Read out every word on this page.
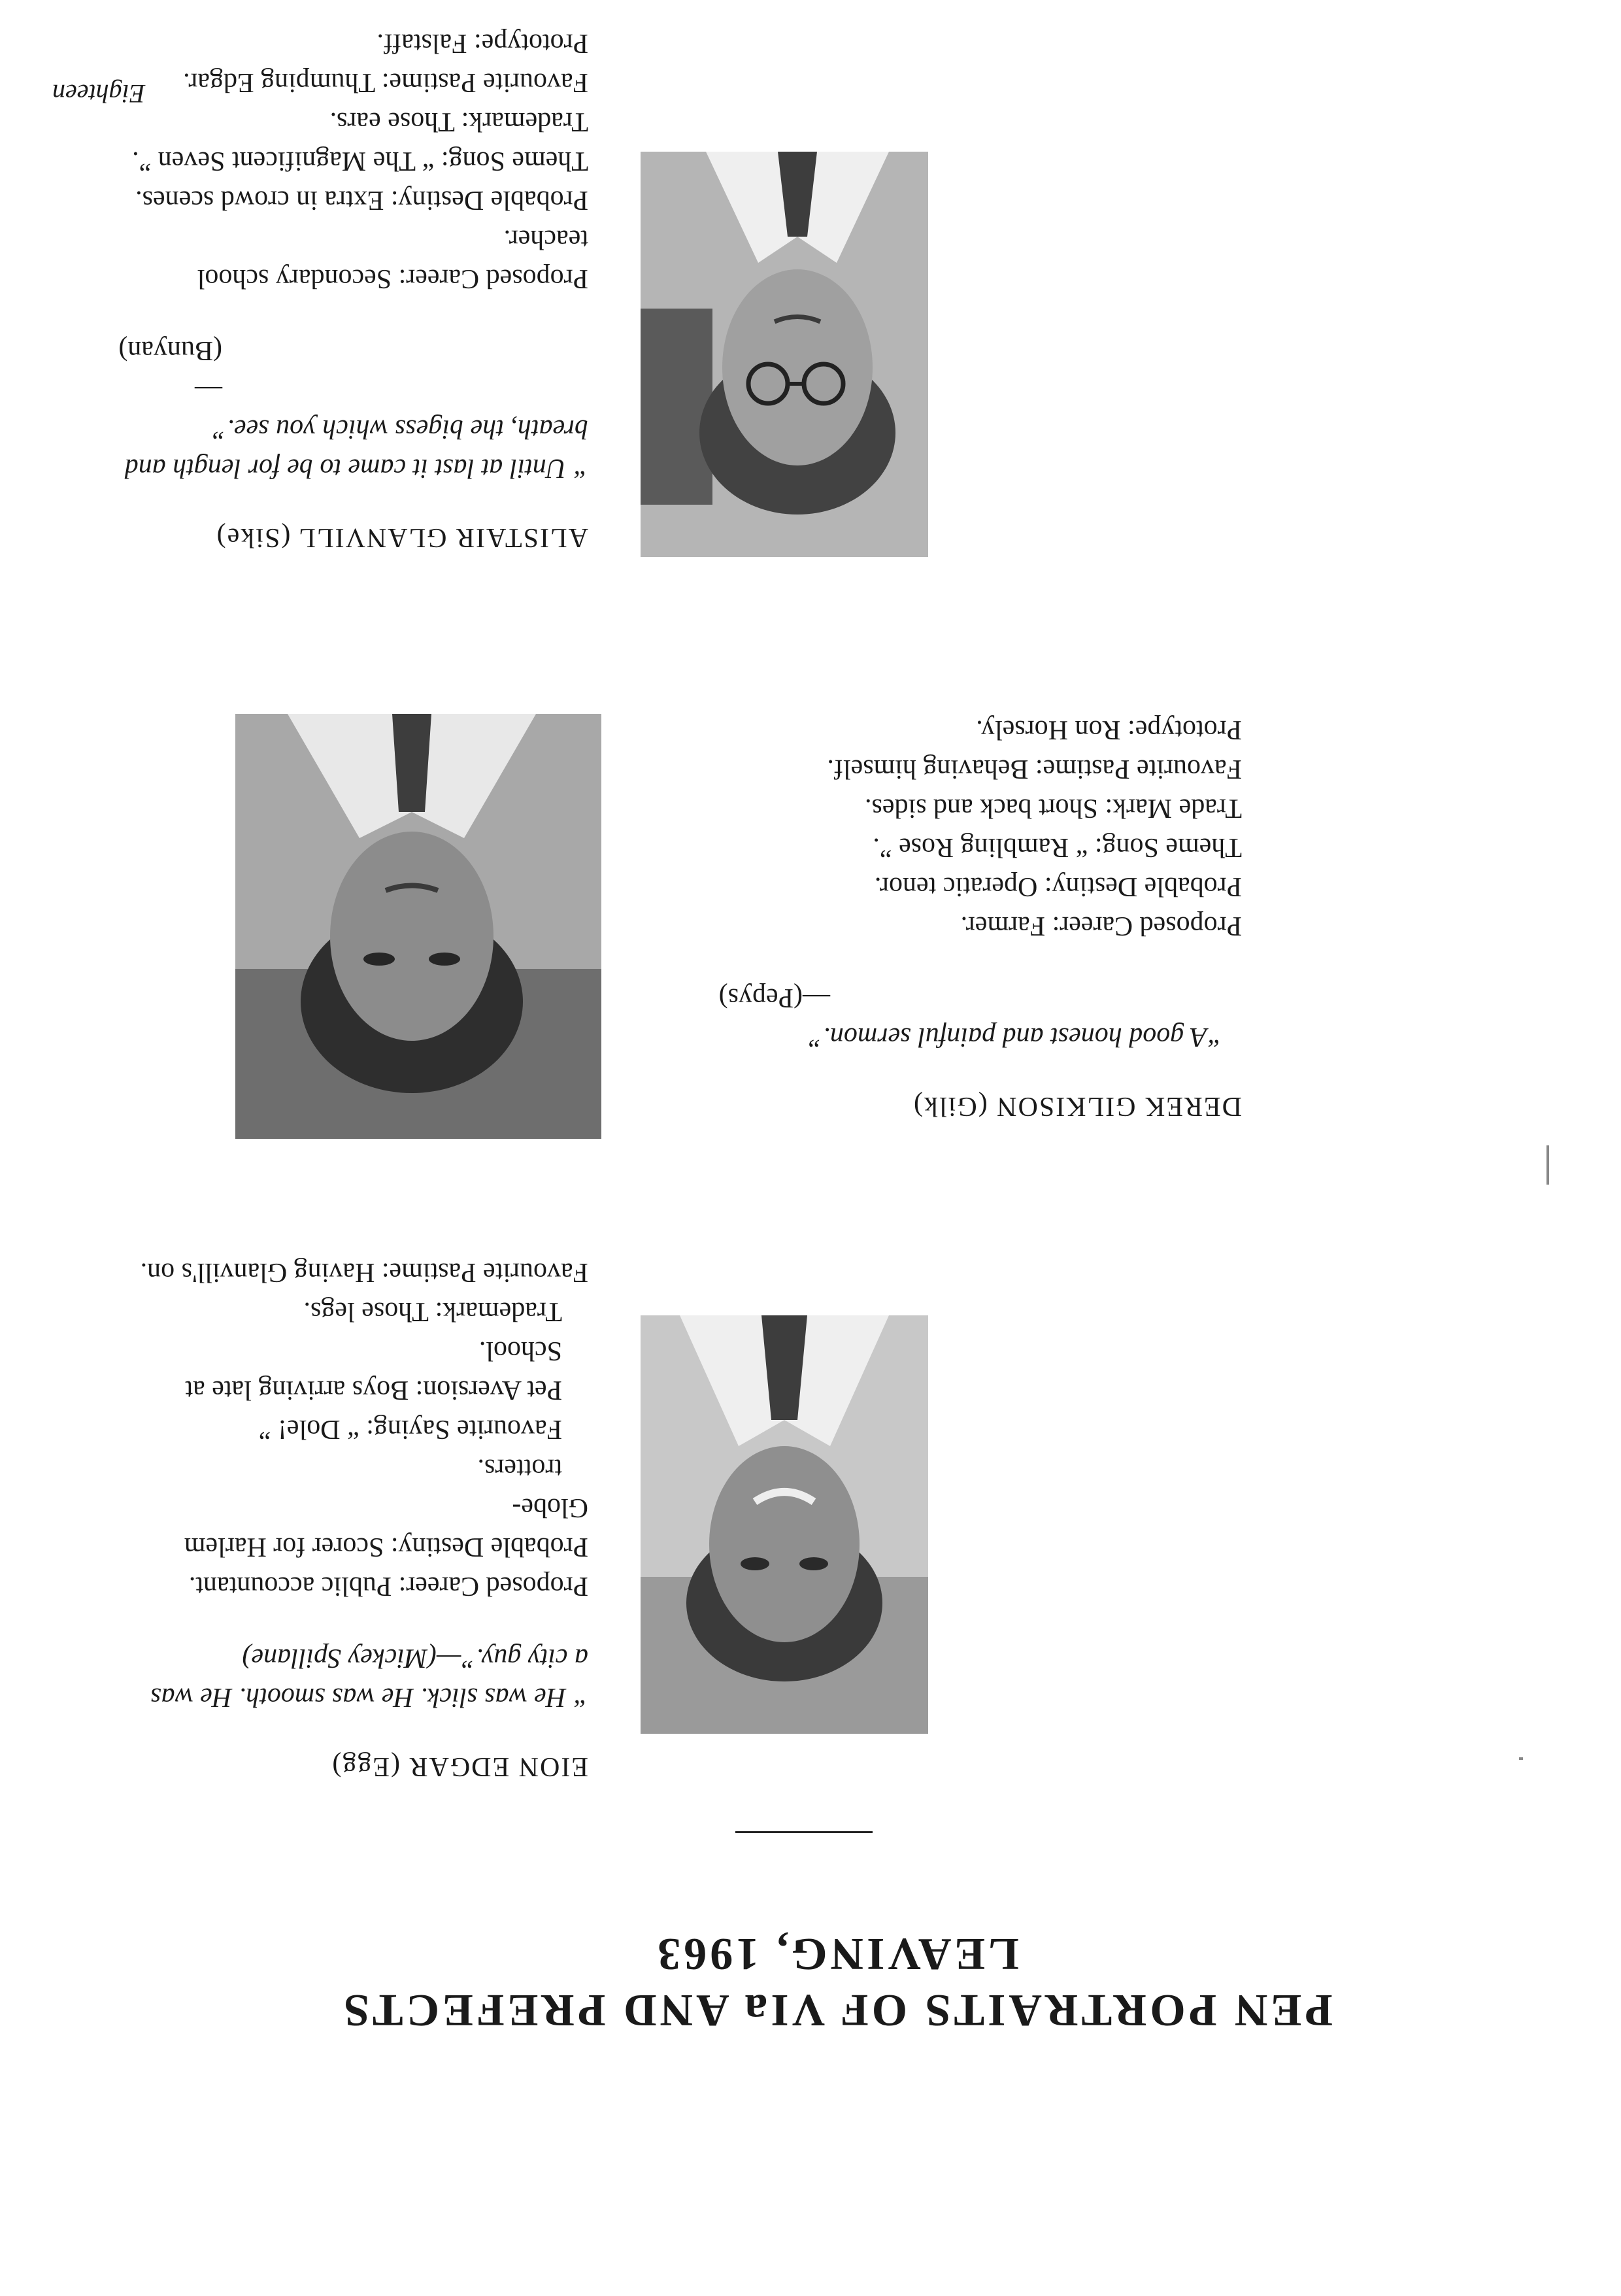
PEN PORTRAITS OF VIa AND PREFECTS
LEAVING, 1963
EION EDGAR (Egg)
“ He was slick. He was smooth. He was a city guy.”—(Mickey Spillane)
Proposed Career: Public accountant.
Probable Destiny: Scorer for Harlem Globe-
trotters.
Favourite Saying: “ Dole! ”
Pet Aversion: Boys arriving late at School.
Trademark: Those legs.
Favourite Pastime: Having Glanvill's on.
DEREK GILKISON (Gilk)
“A good honest and painful sermon.”
—(Pepys)
Proposed Career: Farmer.
Probable Destiny: Operatic tenor.
Theme Song: “ Rambling Rose ”.
Trade Mark: Short back and sides.
Favourite Pastime: Behaving himself.
Prototype: Ron Horsely.
ALISTAIR GLANVILL (Sike)
“ Until at last it came to be for length and breath, the bigess which you see.”
—(Bunyan)
Proposed Career: Secondary school teacher.
Probable Destiny: Extra in crowd scenes.
Theme Song: “ The Magnificent Seven ”.
Trademark: Those ears.
Favourite Pastime: Thumping Edgar.
Prototype: Falstaff.
Eighteen
